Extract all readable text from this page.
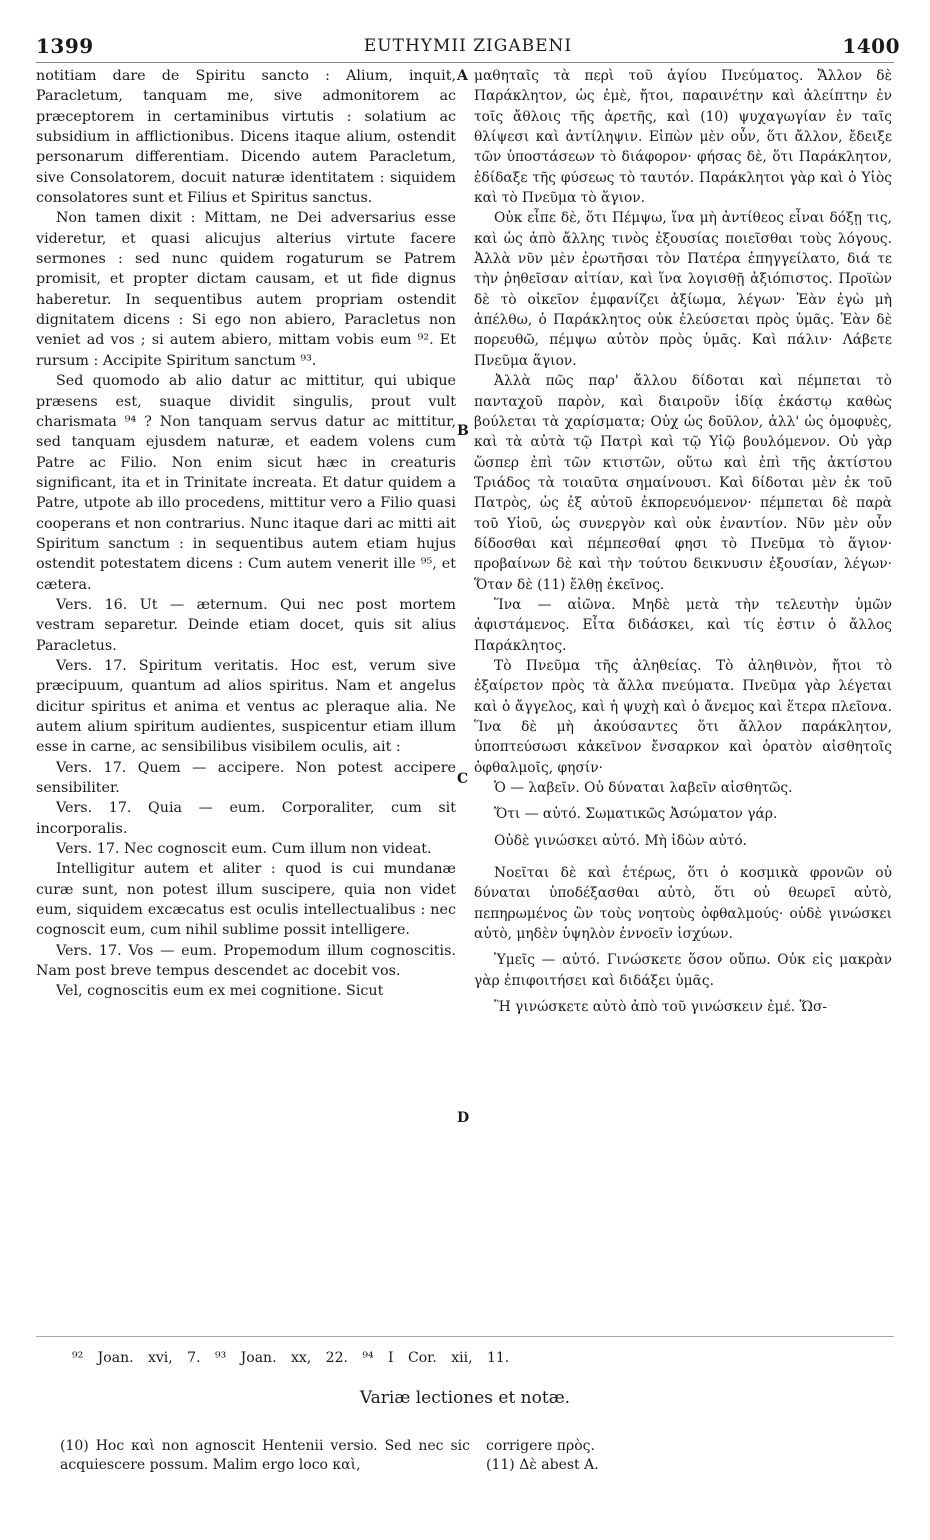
1399	EUTHYMII ZIGABENI	1400

notitiam dare de Spiritu sancto : Alium, inquit, Paracletum, tanquam me, sive admonitorem ac præceptorem in certaminibus virtutis : solatium ac subsidium in afflictionibus. Dicens itaque alium, ostendit personarum differentiam. Dicendo autem Paracletum, sive Consolatorem, docuit naturæ identitatem : siquidem consolatores sunt et Filius et Spiritus sanctus.

Non tamen dixit : Mittam, ne Dei adversarius esse videretur, et quasi alicujus alterius virtute facere sermones : sed nunc quidem rogaturum se Patrem promisit, et propter dictam causam, et ut fide dignus haberetur. In sequentibus autem propriam ostendit dignitatem dicens : Si ego non abiero, Paracletus non veniet ad vos ; si autem abiero, mittam vobis eum ⁹². Et rursum : Accipite Spiritum sanctum ⁹³.

Sed quomodo ab alio datur ac mittitur, qui ubique præsens est, suaque dividit singulis, prout vult charismata ⁹⁴ ? Non tanquam servus datur ac mittitur, sed tanquam ejusdem naturæ, et eadem volens cum Patre ac Filio. Non enim sicut hæc in creaturis significant, ita et in Trinitate increata. Et datur quidem a Patre, utpote ab illo procedens, mittitur vero a Filio quasi cooperans et non contrarius. Nunc itaque dari ac mitti ait Spiritum sanctum : in sequentibus autem etiam hujus ostendit potestatem dicens : Cum autem venerit ille ⁹⁵, et cætera.

Vers. 16. Ut — æternum. Qui nec post mortem vestram separetur. Deinde etiam docet, quis sit alius Paracletus.

Vers. 17. Spiritum veritatis. Hoc est, verum sive præcipuum, quantum ad alios spiritus. Nam et angelus dicitur spiritus et anima et ventus ac pleraque alia. Ne autem alium spiritum audientes, suspicentur etiam illum esse in carne, ac sensibilibus visibilem oculis, ait :

Vers. 17. Quem — accipere. Non potest accipere sensibiliter.

Vers. 17. Quia — eum. Corporaliter, cum sit incorporalis.

Vers. 17. Nec cognoscit eum. Cum illum non videat.

Intelligitur autem et aliter : quod is cui mundanæ curæ sunt, non potest illum suscipere, quia non videt eum, siquidem excæcatus est oculis intellectualibus : nec cognoscit eum, cum nihil sublime possit intelligere.

Vers. 17. Vos — eum. Propemodum illum cognoscitis. Nam post breve tempus descendet ac docebit vos.

Vel, cognoscitis eum ex mei cognitione. Sicut

μαθηταῖς τὰ περὶ τοῦ ἁγίου Πνεύματος. Ἄλλον δὲ Παράκλητον, ὡς ἐμὲ, ἤτοι, παραινέτην καὶ ἀλείπτην ἐν τοῖς ἄθλοις τῆς ἀρετῆς, καὶ (10) ψυχαγωγίαν ἐν ταῖς θλίψεσι καὶ ἀντίληψιν. Εἰπὼν μὲν οὖν, ὅτι ἄλλον, ἔδειξε τῶν ὑποστάσεων τὸ διάφορον· φήσας δὲ, ὅτι Παράκλητον, ἐδίδαξε τῆς φύσεως τὸ ταυτόν. Παράκλητοι γὰρ καὶ ὁ Υἱὸς καὶ τὸ Πνεῦμα τὸ ἅγιον.

Οὐκ εἶπε δὲ, ὅτι Πέμψω, ἵνα μὴ ἀντίθεος εἶναι δόξῃ τις, καὶ ὡς ἀπὸ ἄλλης τινὸς ἐξουσίας ποιεῖσθαι τοὺς λόγους. Ἀλλὰ νῦν μὲν ἐρωτῆσαι τὸν Πατέρα ἐπηγγείλατο, διά τε τὴν ῥηθεῖσαν αἰτίαν, καὶ ἵνα λογισθῇ ἀξιόπιστος. Προϊὼν δὲ τὸ οἰκεῖον ἐμφανίζει ἀξίωμα, λέγων· Ἐὰν ἐγὼ μὴ ἀπέλθω, ὁ Παράκλητος οὐκ ἐλεύσεται πρὸς ὑμᾶς. Ἐὰν δὲ πορευθῶ, πέμψω αὐτὸν πρὸς ὑμᾶς. Καὶ πάλιν· Λάβετε Πνεῦμα ἅγιον.

Ἀλλὰ πῶς παρ' ἄλλου δίδοται καὶ πέμπεται τὸ πανταχοῦ παρὸν, καὶ διαιροῦν ἰδίᾳ ἑκάστῳ καθὼς βούλεται τὰ χαρίσματα; Οὐχ ὡς δοῦλον, ἀλλ' ὡς ὁμοφυὲς, καὶ τὰ αὐτὰ τῷ Πατρὶ καὶ τῷ Υἱῷ βουλόμενον. Οὐ γὰρ ὥσπερ ἐπὶ τῶν κτιστῶν, οὕτω καὶ ἐπὶ τῆς ἀκτίστου Τριάδος τὰ τοιαῦτα σημαίνουσι. Καὶ δίδοται μὲν ἐκ τοῦ Πατρὸς, ὡς ἐξ αὐτοῦ ἐκπορευόμενον· πέμπεται δὲ παρὰ τοῦ Υἱοῦ, ὡς συνεργὸν καὶ οὐκ ἐναντίον. Νῦν μὲν οὖν δίδοσθαι καὶ πέμπεσθαί φησι τὸ Πνεῦμα τὸ ἅγιον· προβαίνων δὲ καὶ τὴν τούτου δεικνυσιν ἐξουσίαν, λέγων· Ὅταν δὲ (11) ἔλθῃ ἐκεῖνος.

Ἵνα — αἰῶνα. Μηδὲ μετὰ τὴν τελευτὴν ὑμῶν ἀφιστάμενος. Εἶτα διδάσκει, καὶ τίς ἐστιν ὁ ἄλλος Παράκλητος.

Τὸ Πνεῦμα τῆς ἀληθείας. Τὸ ἀληθινὸν, ἤτοι τὸ ἐξαίρετον πρὸς τὰ ἄλλα πνεύματα. Πνεῦμα γὰρ λέγεται καὶ ὁ ἄγγελος, καὶ ἡ ψυχὴ καὶ ὁ ἄνεμος καὶ ἕτερα πλεῖονα. Ἵνα δὲ μὴ ἀκούσαντες ὅτι ἄλλον παράκλητον, ὑποπτεύσωσι κἀκεῖνον ἔνσαρκον καὶ ὁρατὸν αἰσθητοῖς ὀφθαλμοῖς, φησίν·

Ὁ — λαβεῖν. Οὐ δύναται λαβεῖν αἰσθητῶς.

Ὅτι — αὐτό. Σωματικῶς Ἀσώματον γάρ.

Οὐδὲ γινώσκει αὐτό. Μὴ ἰδὼν αὐτό.

Νοεῖται δὲ καὶ ἑτέρως, ὅτι ὁ κοσμικὰ φρονῶν οὐ δύναται ὑποδέξασθαι αὐτὸ, ὅτι οὐ θεωρεῖ αὐτὸ, πεπηρωμένος ὢν τοὺς νοητοὺς ὀφθαλμούς· οὐδὲ γινώσκει αὐτὸ, μηδὲν ὑψηλὸν ἐννοεῖν ἰσχύων.

Ὑμεῖς — αὐτό. Γινώσκετε ὅσον οὔπω. Οὐκ εἰς μακρὰν γὰρ ἐπιφοιτήσει καὶ διδάξει ὑμᾶς.

Ἢ γινώσκετε αὐτὸ ἀπὸ τοῦ γινώσκειν ἐμέ. Ὥσ-

A
B
C
D
⁹² Joan. xvi, 7. ⁹³ Joan. xx, 22. ⁹⁴ I Cor. xii, 11.
Variæ lectiones et notæ.
(10) Hoc καὶ non agnoscit Hentenii versio. Sed nec sic acquiescere possum. Malim ergo loco καὶ,
corrigere πρὸς.
(11) Δὲ abest A.
